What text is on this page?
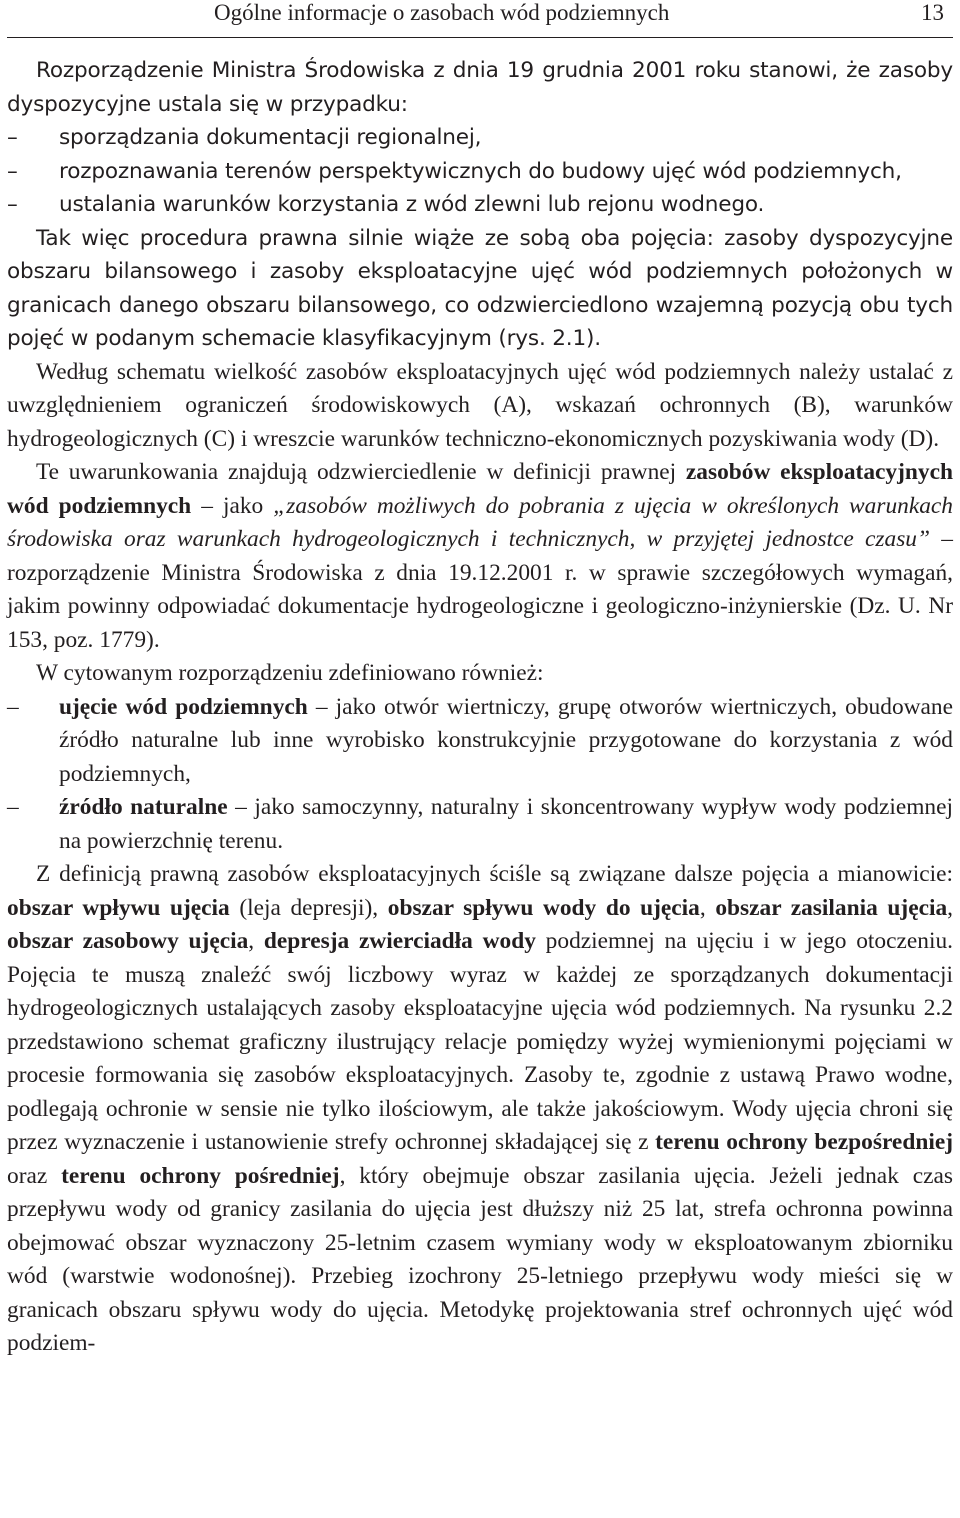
Ogólne informacje o zasobach wód podziemnych	13

Rozporządzenie Ministra Środowiska z dnia 19 grudnia 2001 roku stanowi, że zasoby dyspozycyjne ustala się w przypadku:

– sporządzania dokumentacji regionalnej,
– rozpoznawania terenów perspektywicznych do budowy ujęć wód podziemnych,
– ustalania warunków korzystania z wód zlewni lub rejonu wodnego.

Tak więc procedura prawna silnie wiąże ze sobą oba pojęcia: zasoby dyspozycyjne obszaru bilansowego i zasoby eksploatacyjne ujęć wód podziemnych położonych w granicach danego obszaru bilansowego, co odzwierciedlono wzajemną pozycją obu tych pojęć w podanym schemacie klasyfikacyjnym (rys. 2.1).

Według schematu wielkość zasobów eksploatacyjnych ujęć wód podziemnych należy ustalać z uwzględnieniem ograniczeń środowiskowych (A), wskazań ochronnych (B), warunków hydrogeologicznych (C) i wreszcie warunków techniczno-ekonomicznych pozyskiwania wody (D).

Te uwarunkowania znajdują odzwierciedlenie w definicji prawnej zasobów eksploatacyjnych wód podziemnych – jako „zasobów możliwych do pobrania z ujęcia w określonych warunkach środowiska oraz warunkach hydrogeologicznych i technicznych, w przyjętej jednostce czasu” – rozporządzenie Ministra Środowiska z dnia 19.12.2001 r. w sprawie szczegółowych wymagań, jakim powinny odpowiadać dokumentacje hydrogeologiczne i geologiczno-inżynierskie (Dz. U. Nr 153, poz. 1779).

W cytowanym rozporządzeniu zdefiniowano również:

– ujęcie wód podziemnych – jako otwór wiertniczy, grupę otworów wiertniczych, obudowane źródło naturalne lub inne wyrobisko konstrukcyjnie przygotowane do korzystania z wód podziemnych,
– źródło naturalne – jako samoczynny, naturalny i skoncentrowany wypływ wody podziemnej na powierzchnię terenu.

Z definicją prawną zasobów eksploatacyjnych ściśle są związane dalsze pojęcia a mianowicie: obszar wpływu ujęcia (leja depresji), obszar spływu wody do ujęcia, obszar zasilania ujęcia, obszar zasobowy ujęcia, depresja zwierciadła wody podziemnej na ujęciu i w jego otoczeniu. Pojęcia te muszą znaleźć swój liczbowy wyraz w każdej ze sporządzanych dokumentacji hydrogeologicznych ustalających zasoby eksploatacyjne ujęcia wód podziemnych. Na rysunku 2.2 przedstawiono schemat graficzny ilustrujący relacje pomiędzy wyżej wymienionymi pojęciami w procesie formowania się zasobów eksploatacyjnych. Zasoby te, zgodnie z ustawą Prawo wodne, podlegają ochronie w sensie nie tylko ilościowym, ale także jakościowym. Wody ujęcia chroni się przez wyznaczenie i ustanowienie strefy ochronnej składającej się z terenu ochrony bezpośredniej oraz terenu ochrony pośredniej, który obejmuje obszar zasilania ujęcia. Jeżeli jednak czas przepływu wody od granicy zasilania do ujęcia jest dłuższy niż 25 lat, strefa ochronna powinna obejmować obszar wyznaczony 25-letnim czasem wymiany wody w eksploatowanym zbiorniku wód (warstwie wodonośnej). Przebieg izochrony 25-letniego przepływu wody mieści się w granicach obszaru spływu wody do ujęcia. Metodykę projektowania stref ochronnych ujęć wód podziem-
